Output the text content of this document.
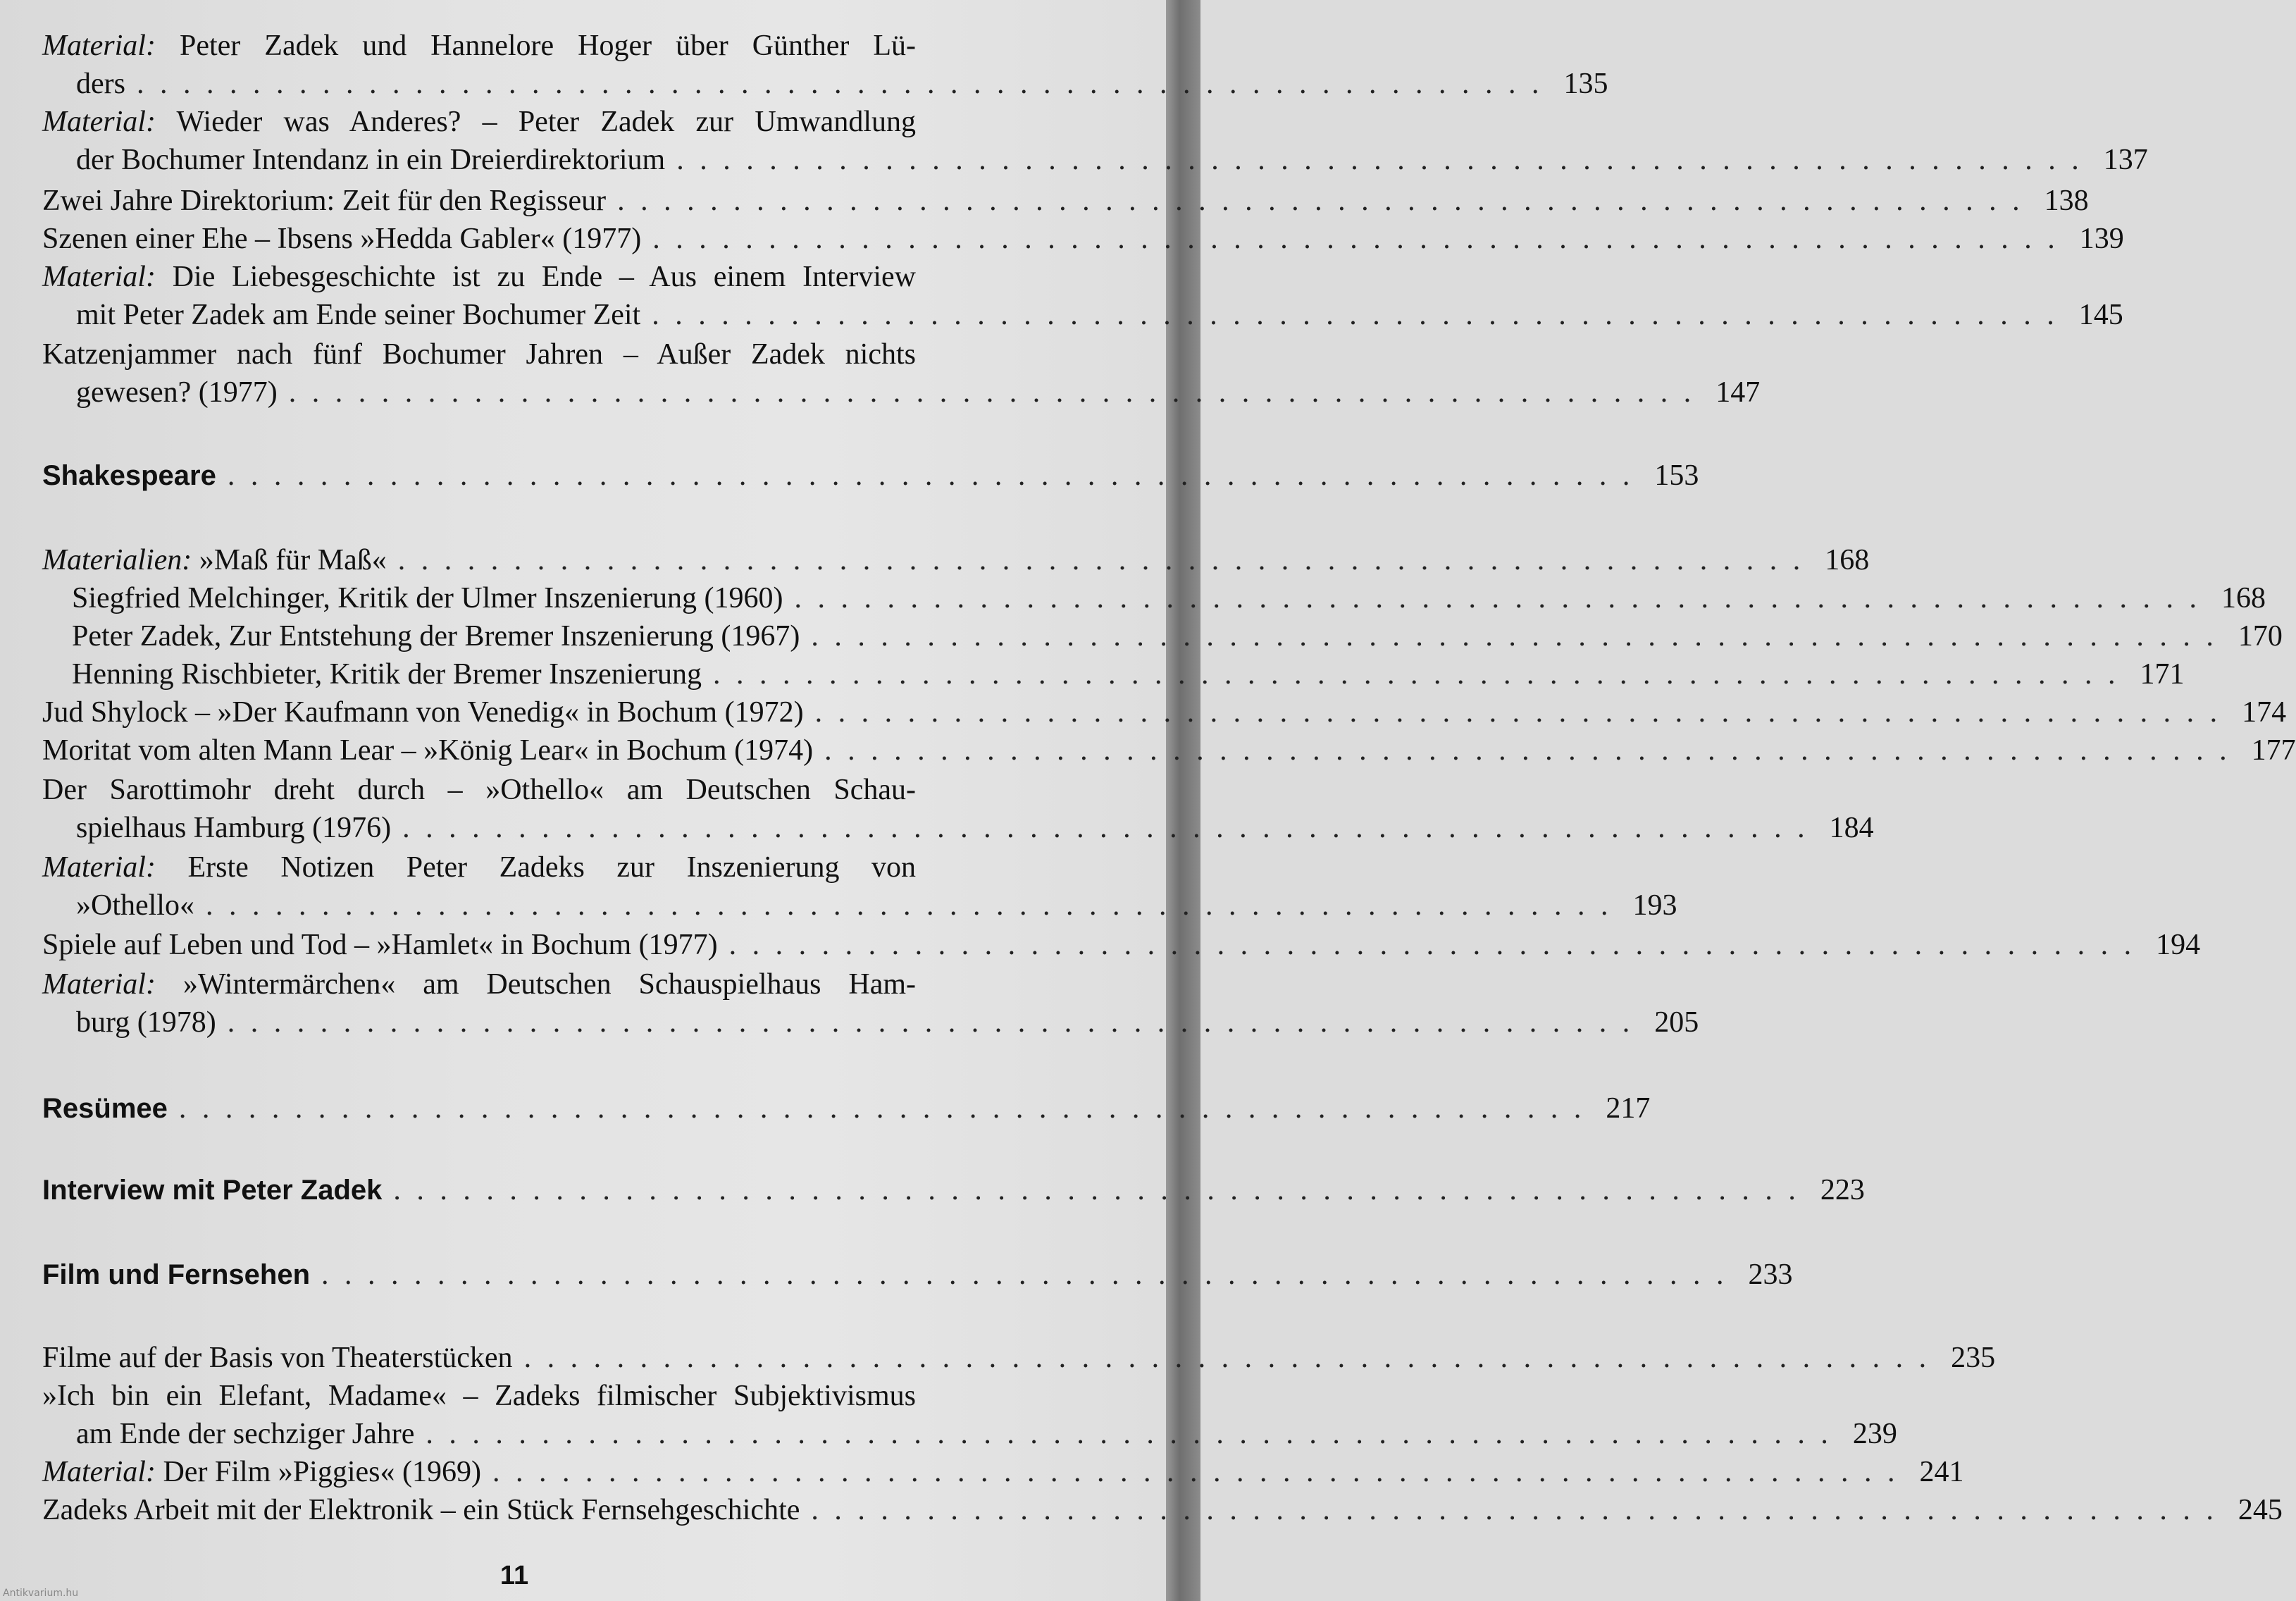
Material: Peter Zadek und Hannelore Hoger über Günther Lü-
ders . . . . . . . . . . . . . . . . . . . . . . . . . . . . . . . . . . . . . . . . . . . . . . . . . . . . . . . . . . . . . 135
Material: Wieder was Anderes? – Peter Zadek zur Umwandlung
der Bochumer Intendanz in ein Dreierdirektorium . . . . . . . . . . . . . . . . . . . . . . . . . . . . . . . . . . . . . . . . . . . . . . . . . . . . . . . . . . . . . 137
Zwei Jahre Direktorium: Zeit für den Regisseur . . . . . . . . . . . . . . . . . . . . . . . . . . . . . . . . . . . . . . . . . . . . . . . . . . . . . . . . . . . . . 138
Szenen einer Ehe – Ibsens »Hedda Gabler« (1977) . . . . . . . . . . . . . . . . . . . . . . . . . . . . . . . . . . . . . . . . . . . . . . . . . . . . . . . . . . . . . 139
Material: Die Liebesgeschichte ist zu Ende – Aus einem Interview
mit Peter Zadek am Ende seiner Bochumer Zeit . . . . . . . . . . . . . . . . . . . . . . . . . . . . . . . . . . . . . . . . . . . . . . . . . . . . . . . . . . . . . 145
Katzenjammer nach fünf Bochumer Jahren – Außer Zadek nichts
gewesen? (1977) . . . . . . . . . . . . . . . . . . . . . . . . . . . . . . . . . . . . . . . . . . . . . . . . . . . . . . . . . . . . . 147
Shakespeare . . . . . . . . . . . . . . . . . . . . . . . . . . . . . . . . . . . . . . . . . . . . . . . . . . . . . . . . . . . . . 153
Materialien: »Maß für Maß« . . . . . . . . . . . . . . . . . . . . . . . . . . . . . . . . . . . . . . . . . . . . . . . . . . . . . . . . . . . . . 168
Siegfried Melchinger, Kritik der Ulmer Inszenierung (1960) . . . . . . . . . . . . . . . . . . . . . . . . . . . . . . . . . . . . . . . . . . . . . . . . . . . . . . . . . . . . . 168
Peter Zadek, Zur Entstehung der Bremer Inszenierung (1967) . . . . . . . . . . . . . . . . . . . . . . . . . . . . . . . . . . . . . . . . . . . . . . . . . . . . . . . . . . . . . 170
Henning Rischbieter, Kritik der Bremer Inszenierung . . . . . . . . . . . . . . . . . . . . . . . . . . . . . . . . . . . . . . . . . . . . . . . . . . . . . . . . . . . . . 171
Jud Shylock – »Der Kaufmann von Venedig« in Bochum (1972) . . . . . . . . . . . . . . . . . . . . . . . . . . . . . . . . . . . . . . . . . . . . . . . . . . . . . . . . . . . . . 174
Moritat vom alten Mann Lear – »König Lear« in Bochum (1974) . . . . . . . . . . . . . . . . . . . . . . . . . . . . . . . . . . . . . . . . . . . . . . . . . . . . . . . . . . . . . 177
Der Sarottimohr dreht durch – »Othello« am Deutschen Schau-
spielhaus Hamburg (1976) . . . . . . . . . . . . . . . . . . . . . . . . . . . . . . . . . . . . . . . . . . . . . . . . . . . . . . . . . . . . . 184
Material: Erste Notizen Peter Zadeks zur Inszenierung von
»Othello« . . . . . . . . . . . . . . . . . . . . . . . . . . . . . . . . . . . . . . . . . . . . . . . . . . . . . . . . . . . . . 193
Spiele auf Leben und Tod – »Hamlet« in Bochum (1977) . . . . . . . . . . . . . . . . . . . . . . . . . . . . . . . . . . . . . . . . . . . . . . . . . . . . . . . . . . . . . 194
Material: »Wintermärchen« am Deutschen Schauspielhaus Ham-
burg (1978) . . . . . . . . . . . . . . . . . . . . . . . . . . . . . . . . . . . . . . . . . . . . . . . . . . . . . . . . . . . . . 205
Resümee . . . . . . . . . . . . . . . . . . . . . . . . . . . . . . . . . . . . . . . . . . . . . . . . . . . . . . . . . . . . . 217
Interview mit Peter Zadek . . . . . . . . . . . . . . . . . . . . . . . . . . . . . . . . . . . . . . . . . . . . . . . . . . . . . . . . . . . . . 223
Film und Fernsehen . . . . . . . . . . . . . . . . . . . . . . . . . . . . . . . . . . . . . . . . . . . . . . . . . . . . . . . . . . . . . 233
Filme auf der Basis von Theaterstücken . . . . . . . . . . . . . . . . . . . . . . . . . . . . . . . . . . . . . . . . . . . . . . . . . . . . . . . . . . . . . 235
»Ich bin ein Elefant, Madame« – Zadeks filmischer Subjektivismus
am Ende der sechziger Jahre . . . . . . . . . . . . . . . . . . . . . . . . . . . . . . . . . . . . . . . . . . . . . . . . . . . . . . . . . . . . . 239
Material: Der Film »Piggies« (1969) . . . . . . . . . . . . . . . . . . . . . . . . . . . . . . . . . . . . . . . . . . . . . . . . . . . . . . . . . . . . . 241
Zadeks Arbeit mit der Elektronik – ein Stück Fernsehgeschichte . . . . . . . . . . . . . . . . . . . . . . . . . . . . . . . . . . . . . . . . . . . . . . . . . . . . . . . . . . . . . 245
11
Antikvarium.hu
